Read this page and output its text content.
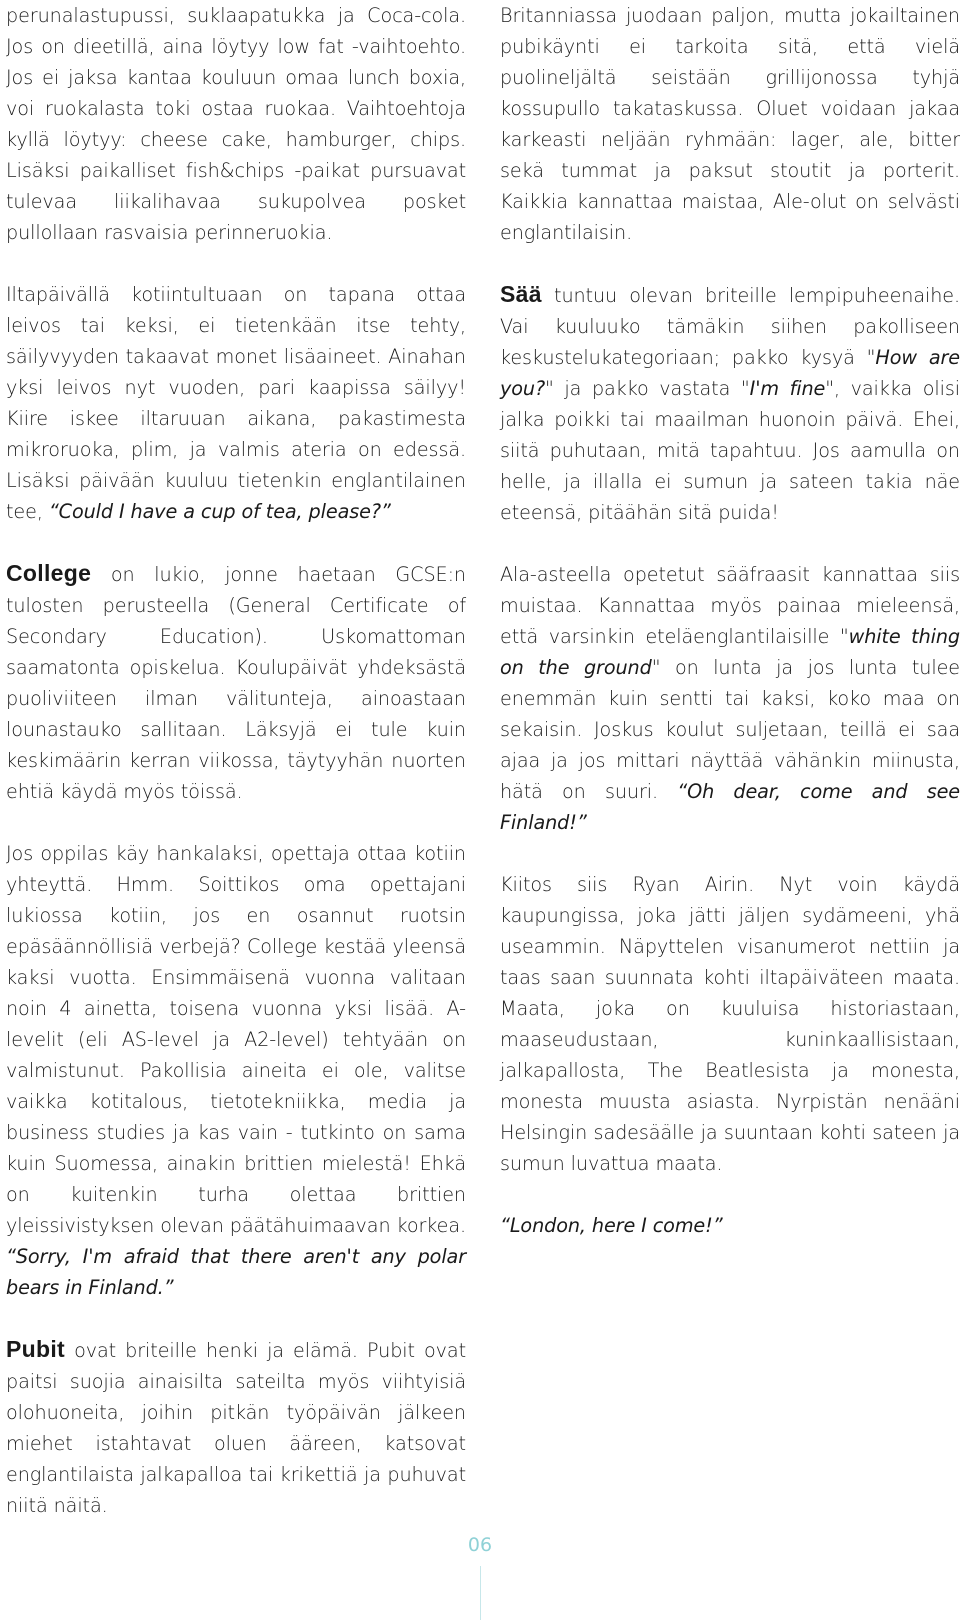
perunalastupussi, suklaapatukka ja Coca-cola. Jos on dieetillä, aina löytyy low fat -vaihtoehto. Jos ei jaksa kantaa kouluun omaa lunch boxia, voi ruokalasta toki ostaa ruokaa. Vaihtoehtoja kyllä löytyy: cheese cake, hamburger, chips. Lisäksi paikalliset fish&chips -paikat pursuavat tulevaa liikalihavaa sukupolvea posket pullollaan rasvaisia perinneruokia.

Iltapäivällä kotiintultuaan on tapana ottaa leivos tai keksi, ei tietenkään itse tehty, säilyvyyden takaavat monet lisäaineet. Ainahan yksi leivos nyt vuoden, pari kaapissa säilyy! Kiire iskee iltaruuan aikana, pakastimesta mikroruoka, plim, ja valmis ateria on edessä. Lisäksi päivään kuuluu tietenkin englantilainen tee, “Could I have a cup of tea, please?”

College on lukio, jonne haetaan GCSE:n tulosten perusteella (General Certificate of Secondary Education). Uskomattoman saamatonta opiskelua. Koulupäivät yhdeksästä puoliviiteen ilman välitunteja, ainoastaan lounastauko sallitaan. Läksyjä ei tule kuin keskimäärin kerran viikossa, täytyyhän nuorten ehtiä käydä myös töissä.

Jos oppilas käy hankalaksi, opettaja ottaa kotiin yhteyttä. Hmm. Soittikos oma opettajani lukiossa kotiin, jos en osannut ruotsin epäsäännöllisiä verbejä? College kestää yleensä kaksi vuotta. Ensimmäisenä vuonna valitaan noin 4 ainetta, toisena vuonna yksi lisää. A-levelit (eli AS-level ja A2-level) tehtyään on valmistunut. Pakollisia aineita ei ole, valitse vaikka kotitalous, tietotekniikka, media ja business studies ja kas vain - tutkinto on sama kuin Suomessa, ainakin brittien mielestä! Ehkä on kuitenkin turha olettaa brittien yleissivistyksen olevan päätähuimaavan korkea. “Sorry, I'm afraid that there aren't any polar bears in Finland.”

Pubit ovat briteille henki ja elämä. Pubit ovat paitsi suojia ainaisilta sateilta myös viihtyisiä olohuoneita, joihin pitkän työpäivän jälkeen miehet istahtavat oluen ääreen, katsovat englantilaista jalkapalloa tai krikettiä ja puhuvat niitä näitä.

Britanniassa juodaan paljon, mutta jokailtainen pubikäynti ei tarkoita sitä, että vielä puolineljältä seistään grillijonossa tyhjä kossupullo takataskussa. Oluet voidaan jakaa karkeasti neljään ryhmään: lager, ale, bitter sekä tummat ja paksut stoutit ja porterit. Kaikkia kannattaa maistaa, Ale-olut on selvästi englantilaisin.

Sää tuntuu olevan briteille lempipuheenaihe. Vai kuuluuko tämäkin siihen pakolliseen keskustelukategoriaan; pakko kysyä "How are you?" ja pakko vastata "I'm fine", vaikka olisi jalka poikki tai maailman huonoin päivä. Ehei, siitä puhutaan, mitä tapahtuu. Jos aamulla on helle, ja illalla ei sumun ja sateen takia näe eteensä, pitäähän sitä puida!

Ala-asteella opetetut sääfraasit kannattaa siis muistaa. Kannattaa myös painaa mieleensä, että varsinkin eteläenglantilaisille "white thing on the ground" on lunta ja jos lunta tulee enemmän kuin sentti tai kaksi, koko maa on sekaisin. Joskus koulut suljetaan, teillä ei saa ajaa ja jos mittari näyttää vähänkin miinusta, hätä on suuri. “Oh dear, come and see Finland!”

Kiitos siis Ryan Airin. Nyt voin käydä kaupungissa, joka jätti jäljen sydämeeni, yhä useammin. Näpyttelen visanumerot nettiin ja taas saan suunnata kohti iltapäiväteen maata. Maata, joka on kuuluisa historiastaan, maaseudustaan, kuninkaallisistaan, jalkapallosta, The Beatlesista ja monesta, monesta muusta asiasta. Nyrpistän nenääni Helsingin sadesäälle ja suuntaan kohti sateen ja sumun luvattua maata.

“London, here I come!”

06
